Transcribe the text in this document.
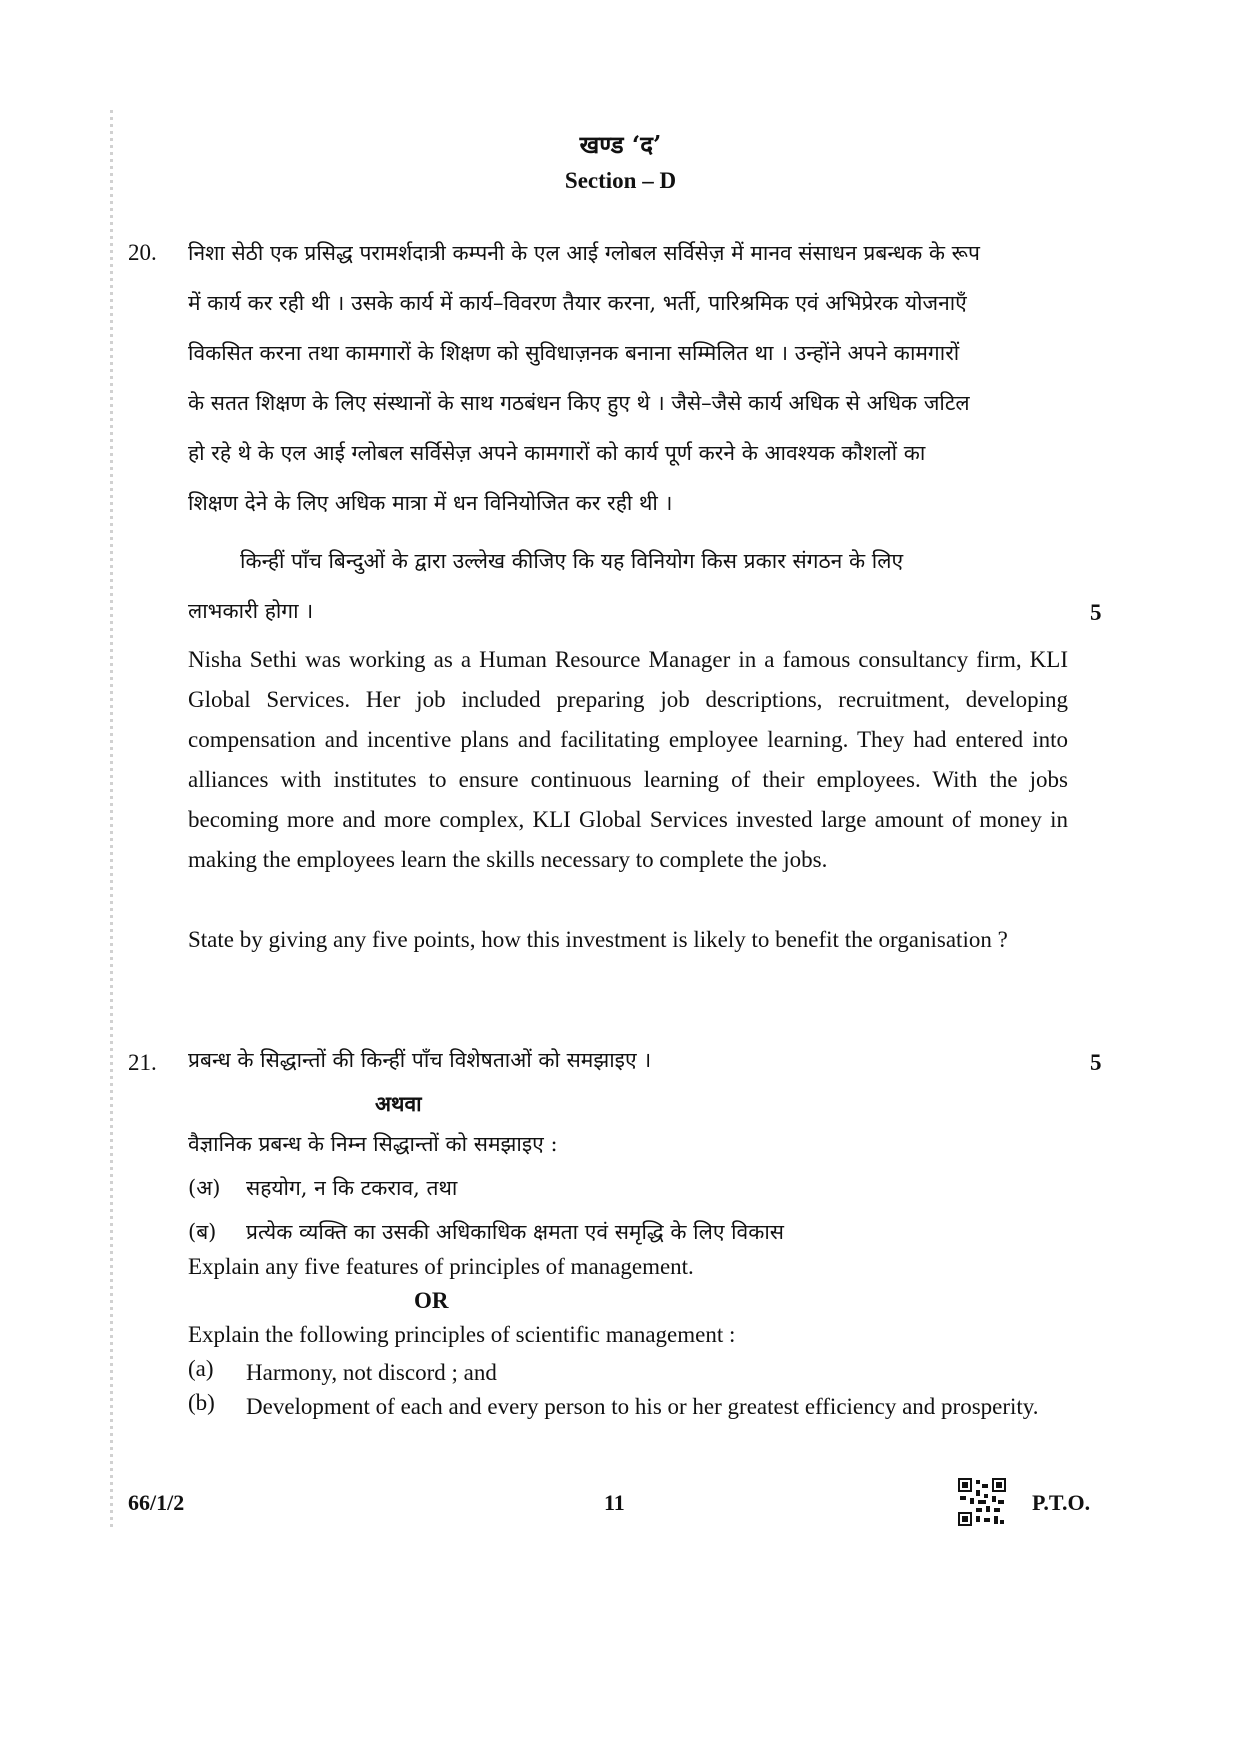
खण्ड ‘द’
Section – D
20. निशा सेठी एक प्रसिद्ध परामर्शदात्री कम्पनी के एल आई ग्लोबल सर्विसेज़ में मानव संसाधन प्रबन्धक के रूप
में कार्य कर रही थी । उसके कार्य में कार्य–विवरण तैयार करना, भर्ती, पारिश्रमिक एवं अभिप्रेरक योजनाएँ
विकसित करना तथा कामगारों के शिक्षण को सुविधाज़नक बनाना सम्मिलित था । उन्होंने अपने कामगारों
के सतत शिक्षण के लिए संस्थानों के साथ गठबंधन किए हुए थे । जैसे–जैसे कार्य अधिक से अधिक जटिल
हो रहे थे के एल आई ग्लोबल सर्विसेज़ अपने कामगारों को कार्य पूर्ण करने के आवश्यक कौशलों का
शिक्षण देने के लिए अधिक मात्रा में धन विनियोजित कर रही थी ।
किन्हीं पाँच बिन्दुओं के द्वारा उल्लेख कीजिए कि यह विनियोग किस प्रकार संगठन के लिए
लाभकारी होगा ।	5
Nisha Sethi was working as a Human Resource Manager in a famous consultancy firm, KLI Global Services. Her job included preparing job descriptions, recruitment, developing compensation and incentive plans and facilitating employee learning. They had entered into alliances with institutes to ensure continuous learning of their employees. With the jobs becoming more and more complex, KLI Global Services invested large amount of money in making the employees learn the skills necessary to complete the jobs.
State by giving any five points, how this investment is likely to benefit the organisation ?
21. प्रबन्ध के सिद्धान्तों की किन्हीं पाँच विशेषताओं को समझाइए ।	5
अथवा
वैज्ञानिक प्रबन्ध के निम्न सिद्धान्तों को समझाइए :
(अ) सहयोग, न कि टकराव, तथा
(ब) प्रत्येक व्यक्ति का उसकी अधिकाधिक क्षमता एवं समृद्धि के लिए विकास
Explain any five features of principles of management.
OR
Explain the following principles of scientific management :
(a) Harmony, not discord ; and
(b) Development of each and every person to his or her greatest efficiency and prosperity.
66/1/2	11	P.T.O.
